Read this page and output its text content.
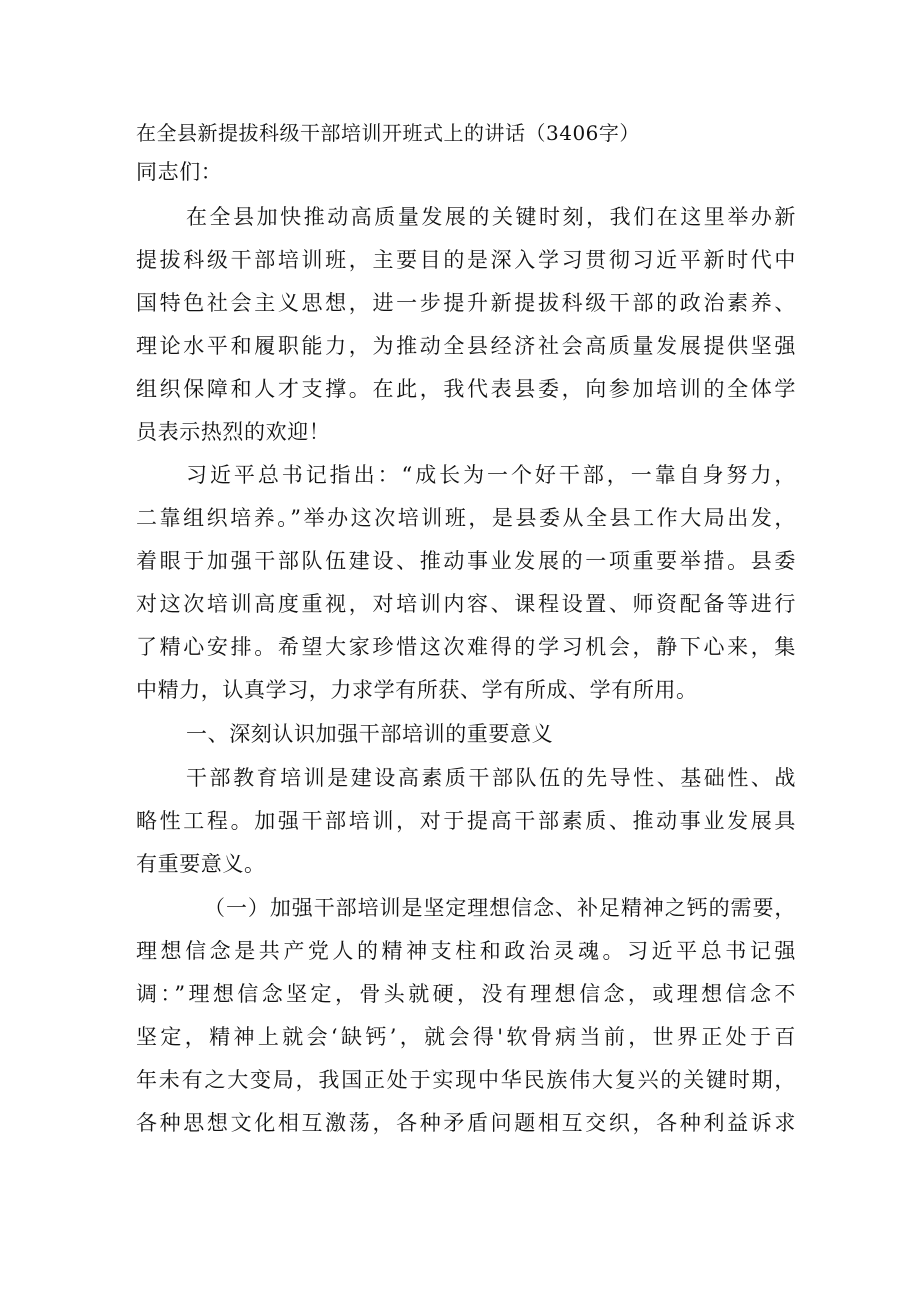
在全县新提拔科级干部培训开班式上的讲话（3406字）
同志们：
在全县加快推动高质量发展的关键时刻，我们在这里举办新
提拔科级干部培训班，主要目的是深入学习贯彻习近平新时代中
国特色社会主义思想，进一步提升新提拔科级干部的政治素养、
理论水平和履职能力，为推动全县经济社会高质量发展提供坚强
组织保障和人才支撑。在此，我代表县委，向参加培训的全体学
员表示热烈的欢迎！
习近平总书记指出：“成长为一个好干部，一靠自身努力，
二靠组织培养。”举办这次培训班，是县委从全县工作大局出发，
着眼于加强干部队伍建设、推动事业发展的一项重要举措。县委
对这次培训高度重视，对培训内容、课程设置、师资配备等进行
了精心安排。希望大家珍惜这次难得的学习机会，静下心来，集
中精力，认真学习，力求学有所获、学有所成、学有所用。
一、深刻认识加强干部培训的重要意义
干部教育培训是建设高素质干部队伍的先导性、基础性、战
略性工程。加强干部培训，对于提高干部素质、推动事业发展具
有重要意义。
（一）加强干部培训是坚定理想信念、补足精神之钙的需要，
理想信念是共产党人的精神支柱和政治灵魂。习近平总书记强
调：”理想信念坚定，骨头就硬，没有理想信念，或理想信念不
坚定，精神上就会‘缺钙’，就会得'软骨病当前，世界正处于百
年未有之大变局，我国正处于实现中华民族伟大复兴的关键时期，
各种思想文化相互激荡，各种矛盾问题相互交织，各种利益诉求
